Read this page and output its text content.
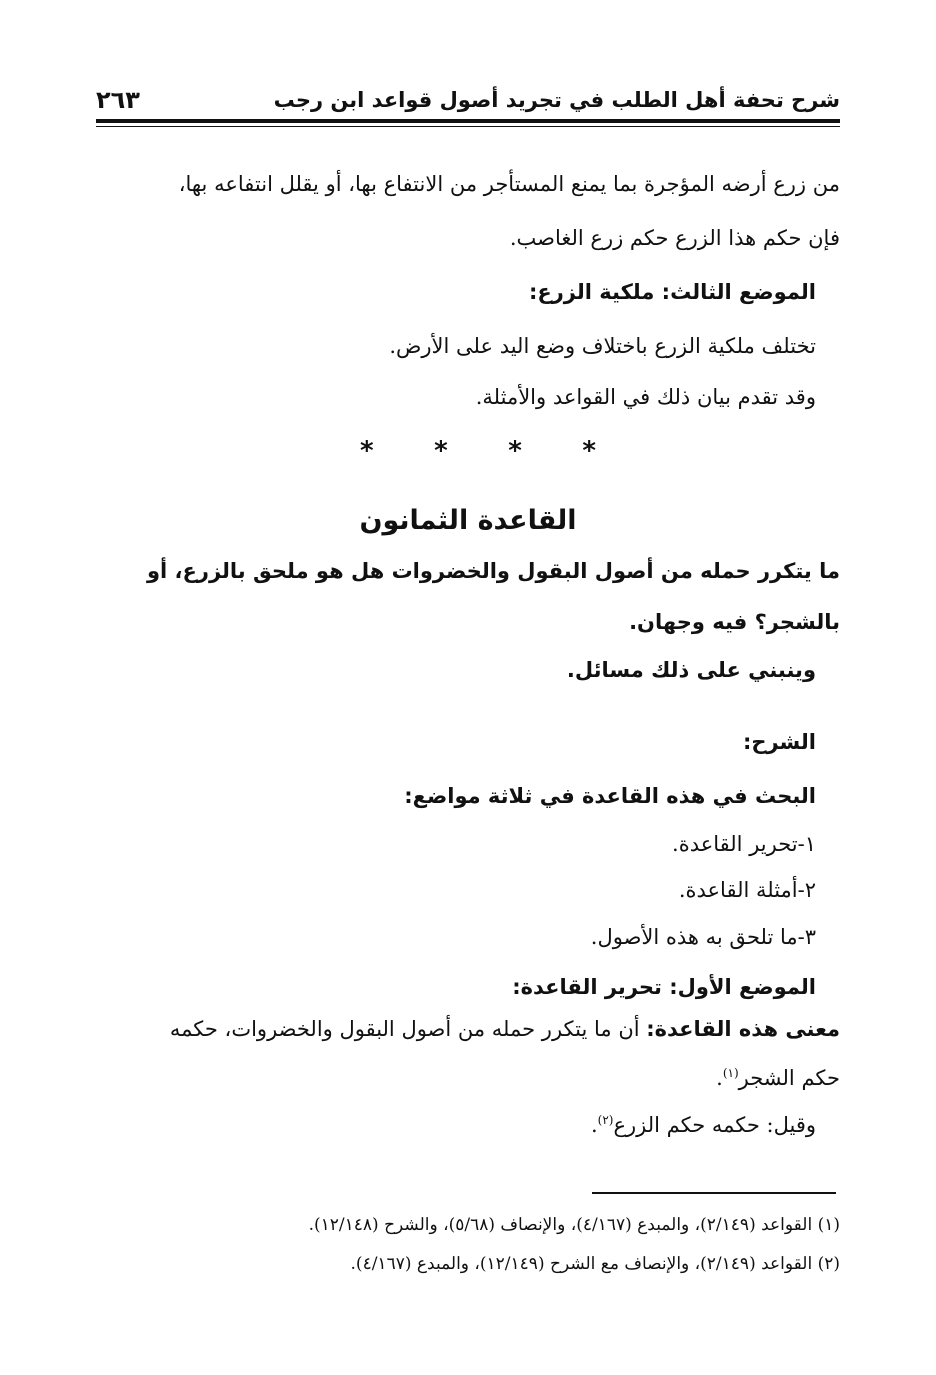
شرح تحفة أهل الطلب في تجريد أصول قواعد ابن رجب
٢٦٣
من زرع أرضه المؤجرة بما يمنع المستأجر من الانتفاع بها، أو يقلل انتفاعه بها،
فإن حكم هذا الزرع حكم زرع الغاصب.
الموضع الثالث: ملكية الزرع:
تختلف ملكية الزرع باختلاف وضع اليد على الأرض.
وقد تقدم بيان ذلك في القواعد والأمثلة.
* * * *
القاعدة الثمانون
ما يتكرر حمله من أصول البقول والخضروات هل هو ملحق بالزرع، أو
بالشجر؟ فيه وجهان.
وينبني على ذلك مسائل.
الشرح:
البحث في هذه القاعدة في ثلاثة مواضع:
١-تحرير القاعدة.
٢-أمثلة القاعدة.
٣-ما تلحق به هذه الأصول.
الموضع الأول: تحرير القاعدة:
معنى هذه القاعدة: أن ما يتكرر حمله من أصول البقول والخضروات، حكمه
حكم الشجر$^{(١)}$.
وقيل: حكمه حكم الزرع$^{(٢)}$.
(١) القواعد (٢/١٤٩)، والمبدع (٤/١٦٧)، والإنصاف (٥/٦٨)، والشرح (١٢/١٤٨).
(٢) القواعد (٢/١٤٩)، والإنصاف مع الشرح (١٢/١٤٩)، والمبدع (٤/١٦٧).
